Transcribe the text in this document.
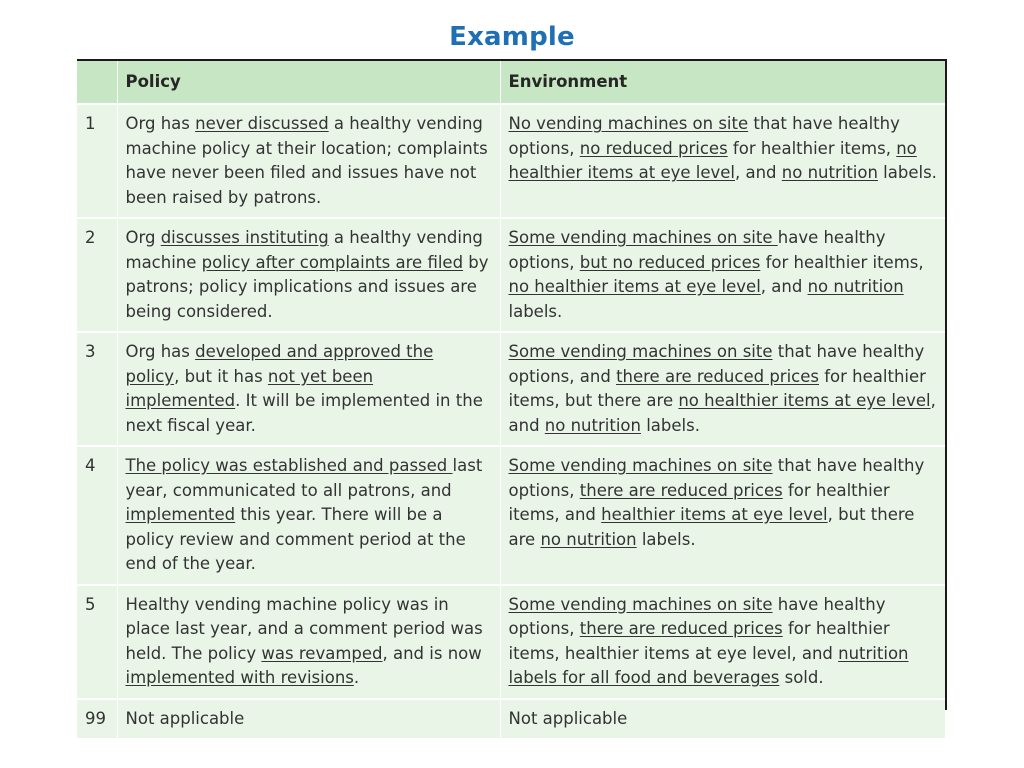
Example
	Policy	Environment
1	Org has never discussed a healthy vending machine policy at their location; complaints have never been filed and issues have not been raised by patrons.	No vending machines on site that have healthy options, no reduced prices for healthier items, no healthier items at eye level, and no nutrition labels.
2	Org discusses instituting a healthy vending machine policy after complaints are filed by patrons; policy implications and issues are being considered.	Some vending machines on site have healthy options, but no reduced prices for healthier items, no healthier items at eye level, and no nutrition labels.
3	Org has developed and approved the policy, but it has not yet been implemented. It will be implemented in the next fiscal year.	Some vending machines on site that have healthy options, and there are reduced prices for healthier items, but there are no healthier items at eye level, and no nutrition labels.
4	The policy was established and passed last year, communicated to all patrons, and implemented this year. There will be a policy review and comment period at the end of the year.	Some vending machines on site that have healthy options, there are reduced prices for healthier items, and healthier items at eye level, but there are no nutrition labels.
5	Healthy vending machine policy was in place last year, and a comment period was held. The policy was revamped, and is now implemented with revisions.	Some vending machines on site have healthy options, there are reduced prices for healthier items, healthier items at eye level, and nutrition labels for all food and beverages sold.
99	Not applicable	Not applicable
